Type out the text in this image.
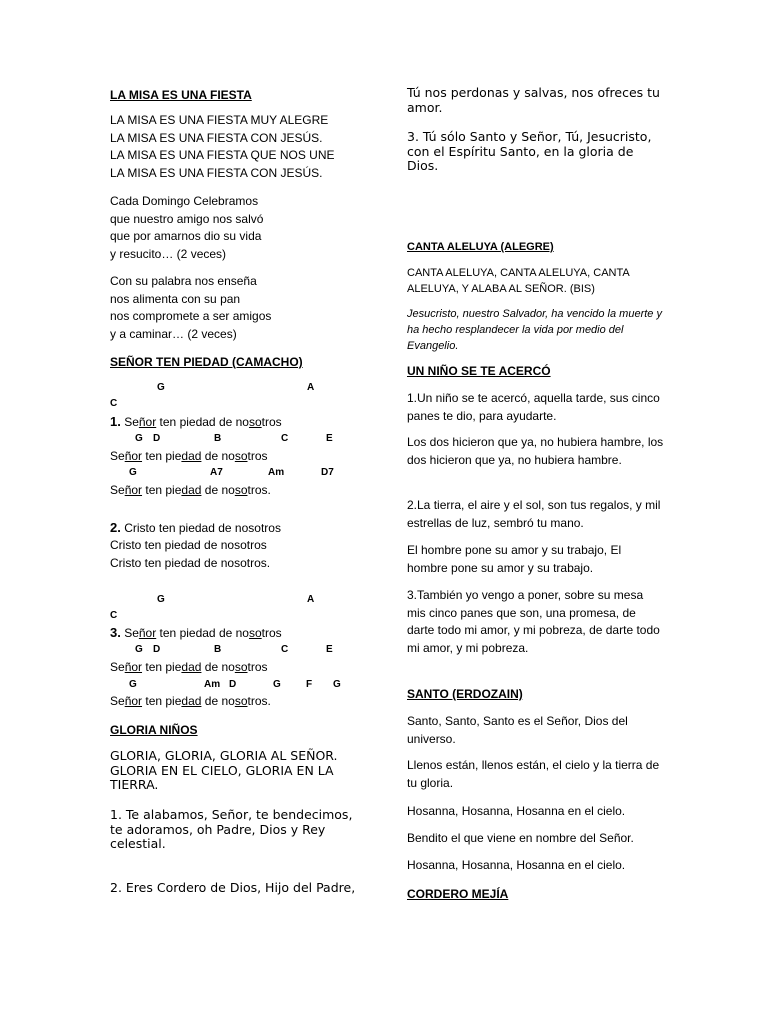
LA MISA ES UNA FIESTA
LA MISA ES UNA FIESTA MUY ALEGRE
LA MISA ES UNA FIESTA CON JESÚS.
LA MISA ES UNA FIESTA QUE NOS UNE
LA MISA ES UNA FIESTA CON JESÚS.
Cada Domingo Celebramos
que nuestro amigo nos salvó
que por amarnos dio su vida
y resucito… (2 veces)
Con su palabra nos enseña
nos alimenta con su pan
nos compromete a ser amigos
y a caminar… (2 veces)
SEÑOR TEN PIEDAD (CAMACHO)
G	A
C
1. Señor ten piedad de nosotros
G D	B	C	E
Señor ten piedad de nosotros
G	A7	Am	D7
Señor ten piedad de nosotros.
2. Cristo ten piedad de nosotros
Cristo ten piedad de nosotros
Cristo ten piedad de nosotros.
G	A
C
3. Señor ten piedad de nosotros
G D	B	C	E
Señor ten piedad de nosotros
G	Am D	G	F G
Señor ten piedad de nosotros.
GLORIA NIÑOS
GLORIA, GLORIA, GLORIA AL SEÑOR. GLORIA EN EL CIELO, GLORIA EN LA TIERRA.
1. Te alabamos, Señor, te bendecimos,
te adoramos, oh Padre, Dios y Rey celestial.
2. Eres Cordero de Dios, Hijo del Padre,
Tú nos perdonas y salvas, nos ofreces tu amor.
3. Tú sólo Santo y Señor, Tú, Jesucristo,
con el Espíritu Santo, en la gloria de Dios.
CANTA ALELUYA (ALEGRE)
CANTA ALELUYA, CANTA ALELUYA, CANTA ALELUYA, Y ALABA AL SEÑOR. (BIS)
Jesucristo, nuestro Salvador, ha vencido la muerte y ha hecho resplandecer la vida por medio del Evangelio.
UN NIÑO SE TE ACERCÓ
1.Un niño se te acercó, aquella tarde, sus cinco panes te dio, para ayudarte.
Los dos hicieron que ya, no hubiera hambre, los dos hicieron que ya, no hubiera hambre.
2.La tierra, el aire y el sol, son tus regalos, y mil estrellas de luz, sembró tu mano.
El hombre pone su amor y su trabajo, El hombre pone su amor y su trabajo.
3.También yo vengo a poner, sobre su mesa mis cinco panes que son, una promesa, de darte todo mi amor, y mi pobreza, de darte todo mi amor, y mi pobreza.
SANTO (ERDOZAIN)
Santo, Santo, Santo es el Señor, Dios del universo.
Llenos están, llenos están, el cielo y la tierra de tu gloria.
Hosanna, Hosanna, Hosanna en el cielo.
Bendito el que viene en nombre del Señor.
Hosanna, Hosanna, Hosanna en el cielo.
CORDERO MEJÍA
